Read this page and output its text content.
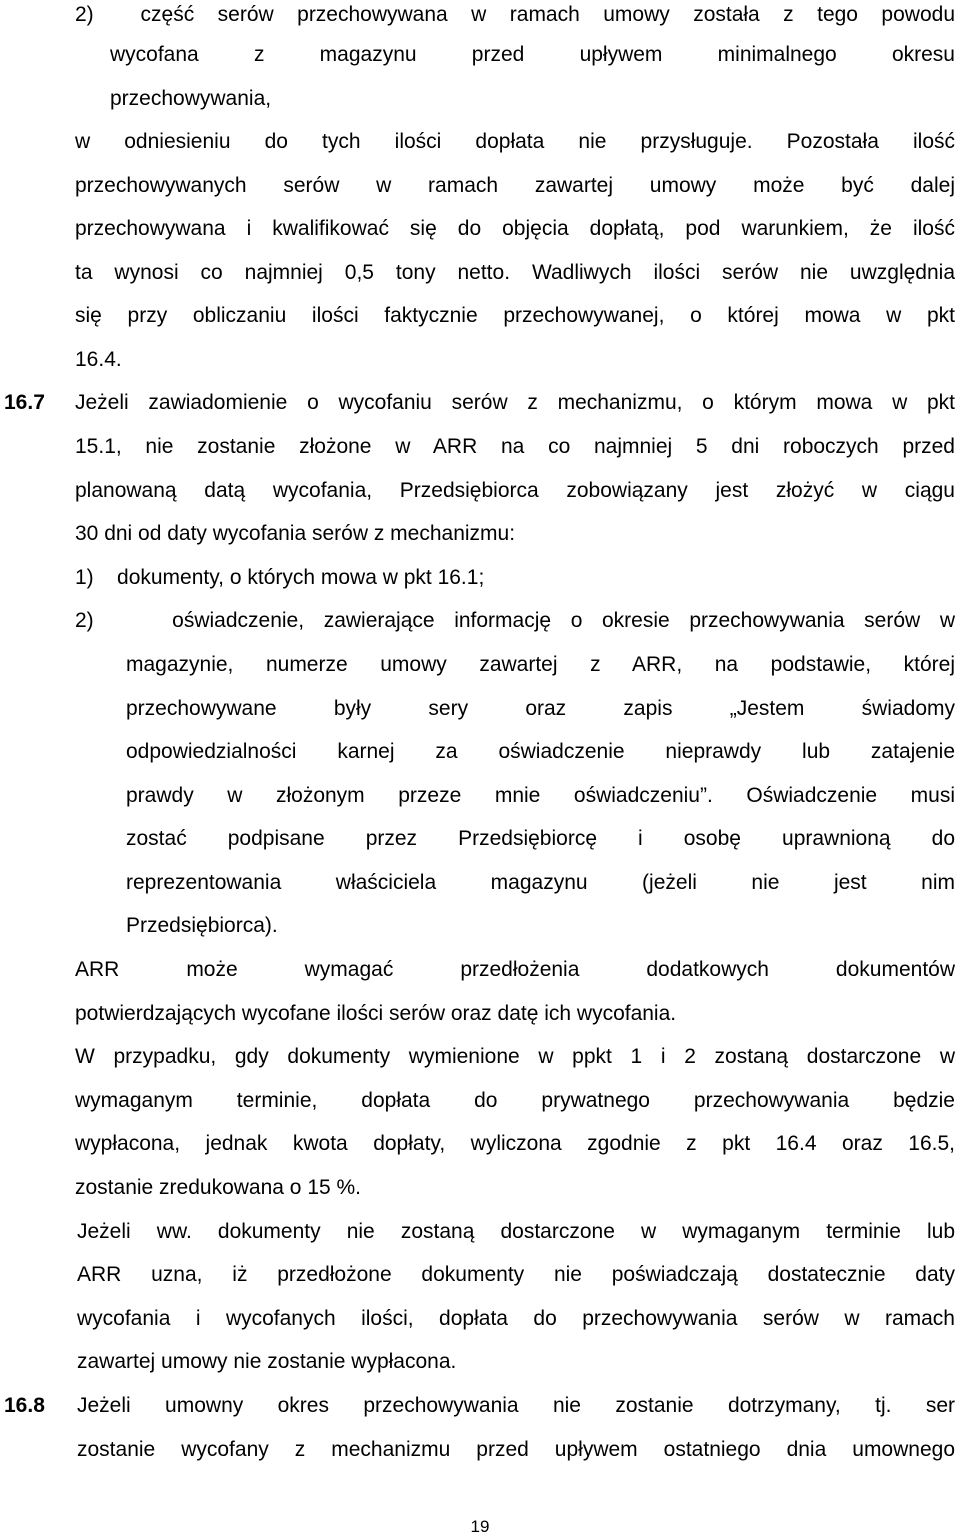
2)  część serów przechowywana w ramach umowy została z tego powodu
wycofana z magazynu przed upływem minimalnego okresu
przechowywania,
w odniesieniu do tych ilości dopłata nie przysługuje. Pozostała ilość
przechowywanych serów w ramach zawartej umowy może być dalej
przechowywana i kwalifikować się do objęcia dopłatą, pod warunkiem, że ilość
ta wynosi co najmniej 0,5 tony netto. Wadliwych ilości serów nie uwzględnia
się przy obliczaniu ilości faktycznie przechowywanej, o której mowa w pkt
16.4.
Jeżeli zawiadomienie o wycofaniu serów z mechanizmu, o którym mowa w pkt
15.1, nie zostanie złożone w ARR na co najmniej 5 dni roboczych przed
planowaną datą wycofania, Przedsiębiorca zobowiązany jest złożyć w ciągu
30 dni od daty wycofania serów z mechanizmu:
1)    dokumenty, o których mowa w pkt 16.1;
2)    oświadczenie, zawierające informację o okresie przechowywania serów w
magazynie, numerze umowy zawartej z ARR, na podstawie, której
przechowywane były sery oraz zapis „Jestem świadomy
odpowiedzialności karnej za oświadczenie nieprawdy lub zatajenie
prawdy w złożonym przeze mnie oświadczeniu”. Oświadczenie musi
zostać podpisane przez Przedsiębiorcę i osobę uprawnioną do
reprezentowania właściciela magazynu (jeżeli nie jest nim
Przedsiębiorca).
ARR może wymagać przedłożenia dodatkowych dokumentów
potwierdzających wycofane ilości serów oraz datę ich wycofania.
W przypadku, gdy dokumenty wymienione w ppkt 1 i 2 zostaną dostarczone w
wymaganym terminie, dopłata do prywatnego przechowywania będzie
wypłacona, jednak kwota dopłaty, wyliczona zgodnie z pkt 16.4 oraz 16.5,
zostanie zredukowana o 15 %.
Jeżeli ww. dokumenty nie zostaną dostarczone w wymaganym terminie lub
ARR uzna, iż przedłożone dokumenty nie poświadczają dostatecznie daty
wycofania i wycofanych ilości, dopłata do przechowywania serów w ramach
zawartej umowy nie zostanie wypłacona.
Jeżeli umowny okres przechowywania nie zostanie dotrzymany, tj. ser
zostanie wycofany z mechanizmu przed upływem ostatniego dnia umownego
16.7
16.8
19
